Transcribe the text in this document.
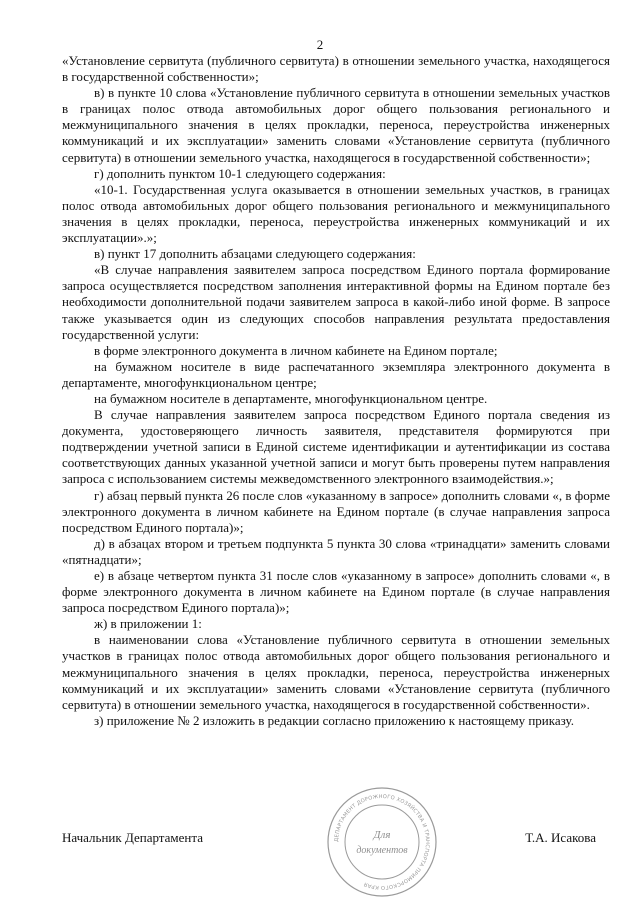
2

«Установление сервитута (публичного сервитута) в отношении земельного участка, находящегося в государственной собственности»;

в) в пункте 10 слова «Установление публичного сервитута в отношении земельных участков в границах полос отвода автомобильных дорог общего пользования регионального и межмуниципального значения в целях прокладки, переноса, переустройства инженерных коммуникаций и их эксплуатации» заменить словами «Установление сервитута (публичного сервитута) в отношении земельного участка, находящегося в государственной собственности»;

г) дополнить пунктом 10-1 следующего содержания:

«10-1. Государственная услуга оказывается в отношении земельных участков, в границах полос отвода автомобильных дорог общего пользования регионального и межмуниципального значения в целях прокладки, переноса, переустройства инженерных коммуникаций и их эксплуатации».»;

в) пункт 17 дополнить абзацами следующего содержания:

«В случае направления заявителем запроса посредством Единого портала формирование запроса осуществляется посредством заполнения интерактивной формы на Едином портале без необходимости дополнительной подачи заявителем запроса в какой-либо иной форме. В запросе также указывается один из следующих способов направления результата предоставления государственной услуги:

в форме электронного документа в личном кабинете на Едином портале;

на бумажном носителе в виде распечатанного экземпляра электронного документа в департаменте, многофункциональном центре;

на бумажном носителе в департаменте, многофункциональном центре.

В случае направления заявителем запроса посредством Единого портала сведения из документа, удостоверяющего личность заявителя, представителя формируются при подтверждении учетной записи в Единой системе идентификации и аутентификации из состава соответствующих данных указанной учетной записи и могут быть проверены путем направления запроса с использованием системы межведомственного электронного взаимодействия.»;

г) абзац первый пункта 26 после слов «указанному в запросе» дополнить словами «, в форме электронного документа в личном кабинете на Едином портале (в случае направления запроса посредством Единого портала)»;

д) в абзацах втором и третьем подпункта 5 пункта 30 слова «тринадцати» заменить словами «пятнадцати»;

е) в абзаце четвертом пункта 31 после слов «указанному в запросе» дополнить словами «, в форме электронного документа в личном кабинете на Едином портале (в случае направления запроса посредством Единого портала)»;

ж) в приложении 1:

в наименовании слова «Установление публичного сервитута в отношении земельных участков в границах полос отвода автомобильных дорог общего пользования регионального и межмуниципального значения в целях прокладки, переноса, переустройства инженерных коммуникаций и их эксплуатации» заменить словами «Установление сервитута (публичного сервитута) в отношении земельного участка, находящегося в государственной собственности».

з) приложение № 2 изложить в редакции согласно приложению к настоящему приказу.

Начальник Департамента	Т.А. Исакова
ДЕПАРТАМЕНТ ДОРОЖНОГО ХОЗЯЙСТВА И ТРАНСПОРТА ПРИМОРСКОГО КРАЯ
Для
документов
